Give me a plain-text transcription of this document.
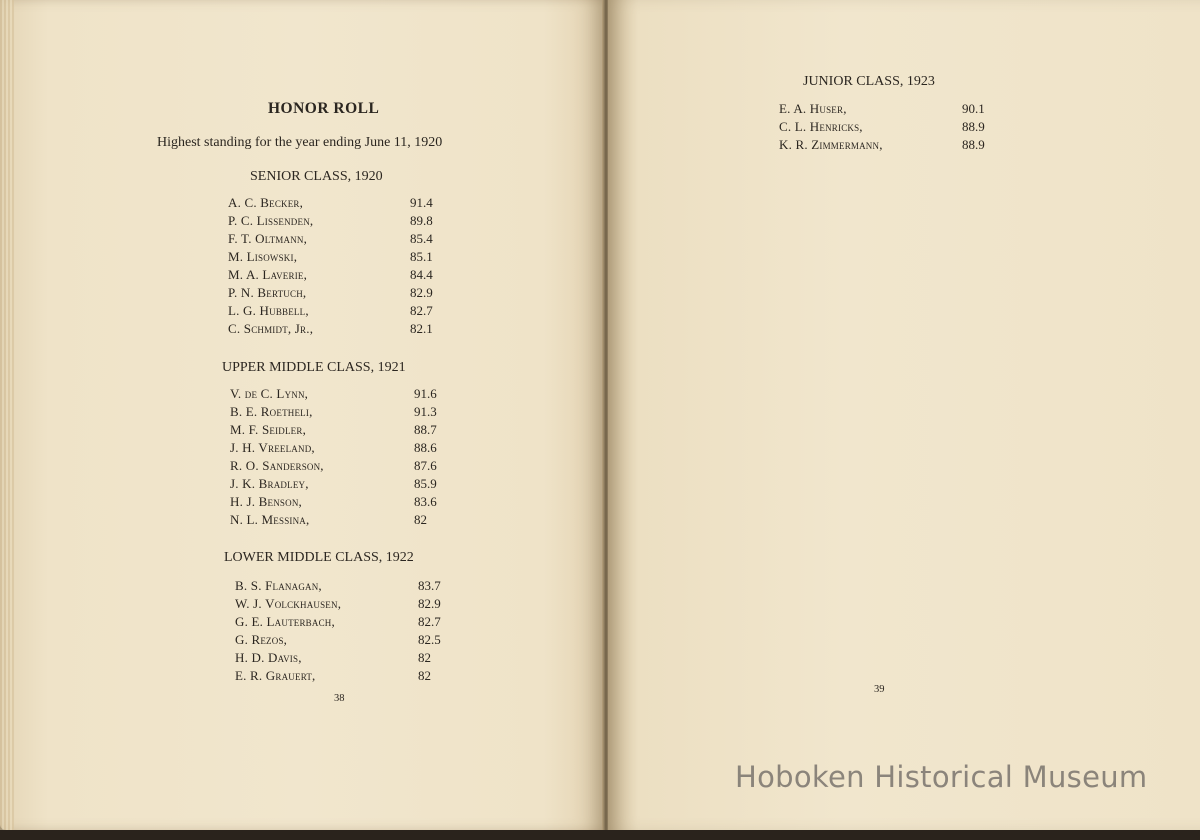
HONOR ROLL
Highest standing for the year ending June 11, 1920
SENIOR CLASS, 1920
A. C. Becker,	91.4
P. C. Lissenden,	89.8
F. T. Oltmann,	85.4
M. Lisowski,	85.1
M. A. Laverie,	84.4
P. N. Bertuch,	82.9
L. G. Hubbell,	82.7
C. Schmidt, Jr.,	82.1
UPPER MIDDLE CLASS, 1921
V. de C. Lynn,	91.6
B. E. Roetheli,	91.3
M. F. Seidler,	88.7
J. H. Vreeland,	88.6
R. O. Sanderson,	87.6
J. K. Bradley,	85.9
H. J. Benson,	83.6
N. L. Messina,	82
LOWER MIDDLE CLASS, 1922
B. S. Flanagan,	83.7
W. J. Volckhausen,	82.9
G. E. Lauterbach,	82.7
G. Rezos,	82.5
H. D. Davis,	82
E. R. Grauert,	82
38
JUNIOR CLASS, 1923
E. A. Huser,	90.1
C. L. Henricks,	88.9
K. R. Zimmermann,	88.9
39
Hoboken Historical Museum
